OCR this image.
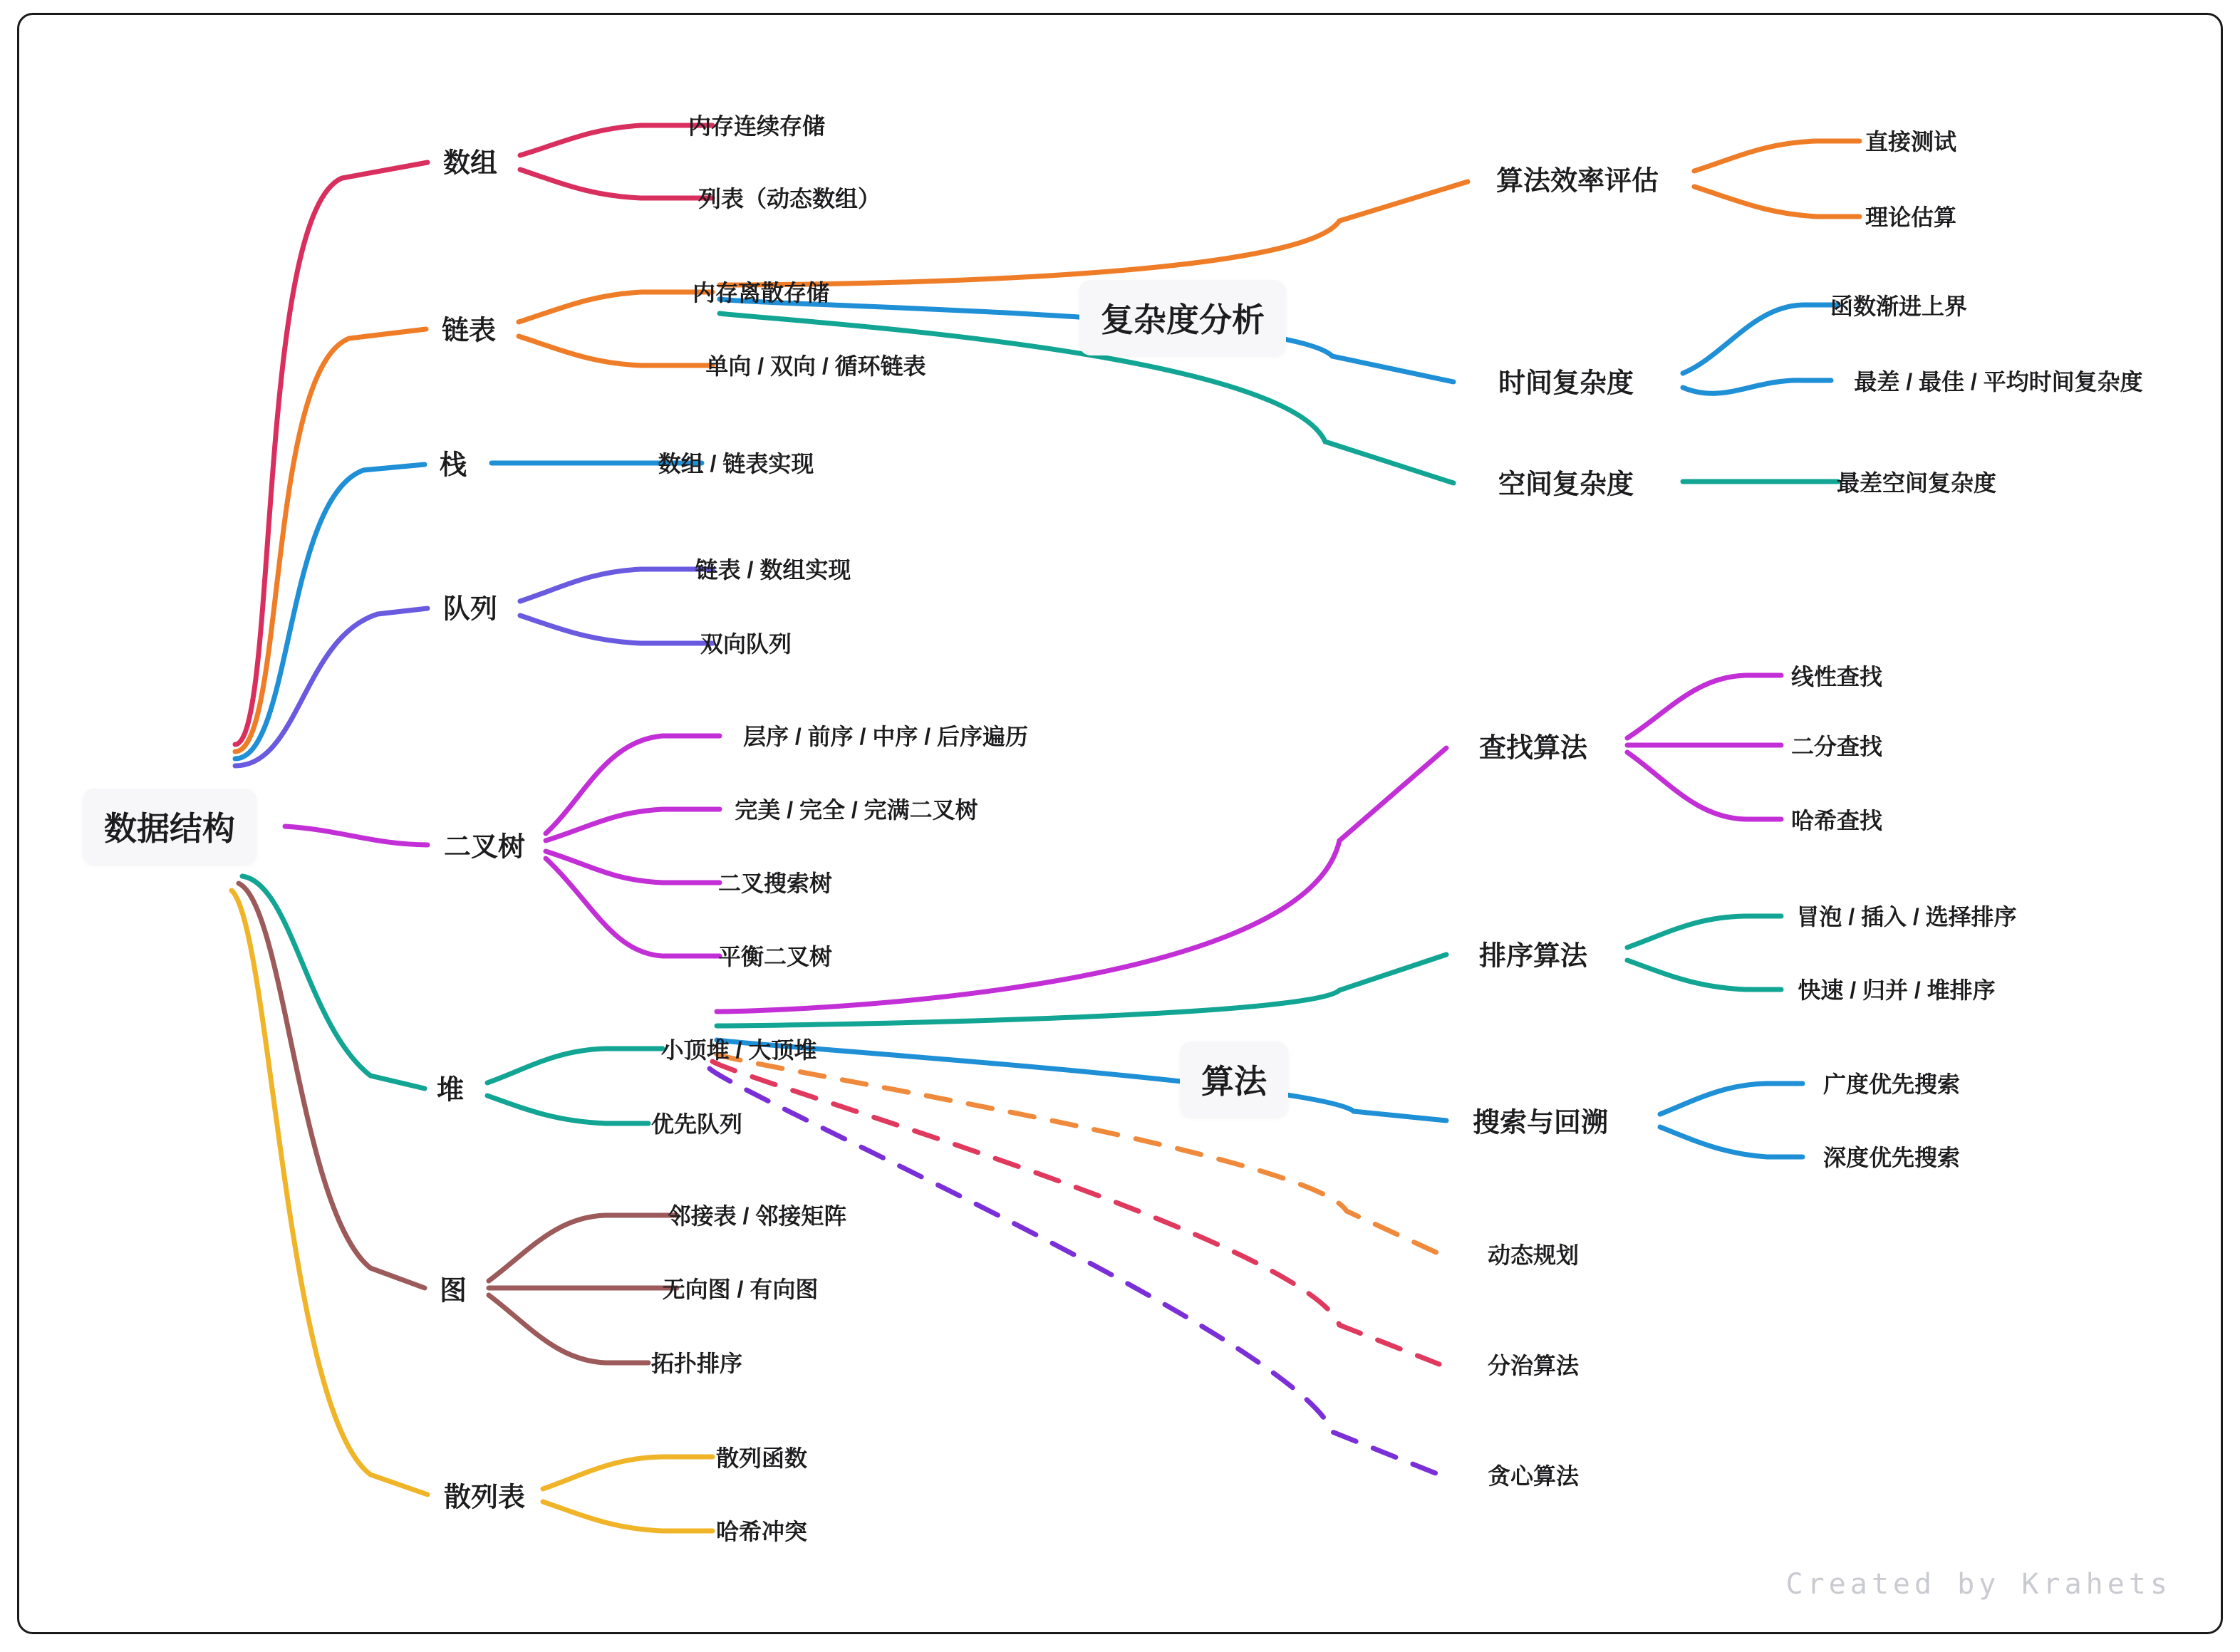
数据结构
复杂度分析
算法
数组
链表
栈
队列
二叉树
堆
图
散列表
算法效率评估
时间复杂度
空间复杂度
查找算法
排序算法
搜索与回溯
动态规划
分治算法
贪心算法
内存连续存储
列表（动态数组）
内存离散存储
单向 / 双向 / 循环链表
数组 / 链表实现
链表 / 数组实现
双向队列
层序 / 前序 / 中序 / 后序遍历
完美 / 完全 / 完满二叉树
二叉搜索树
平衡二叉树
小顶堆 / 大顶堆
优先队列
邻接表 / 邻接矩阵
无向图 / 有向图
拓扑排序
散列函数
哈希冲突
直接测试
理论估算
函数渐进上界
最差 / 最佳 / 平均时间复杂度
最差空间复杂度
线性查找
二分查找
哈希查找
冒泡 / 插入 / 选择排序
快速 / 归并 / 堆排序
广度优先搜索
深度优先搜索
Created by Krahets
